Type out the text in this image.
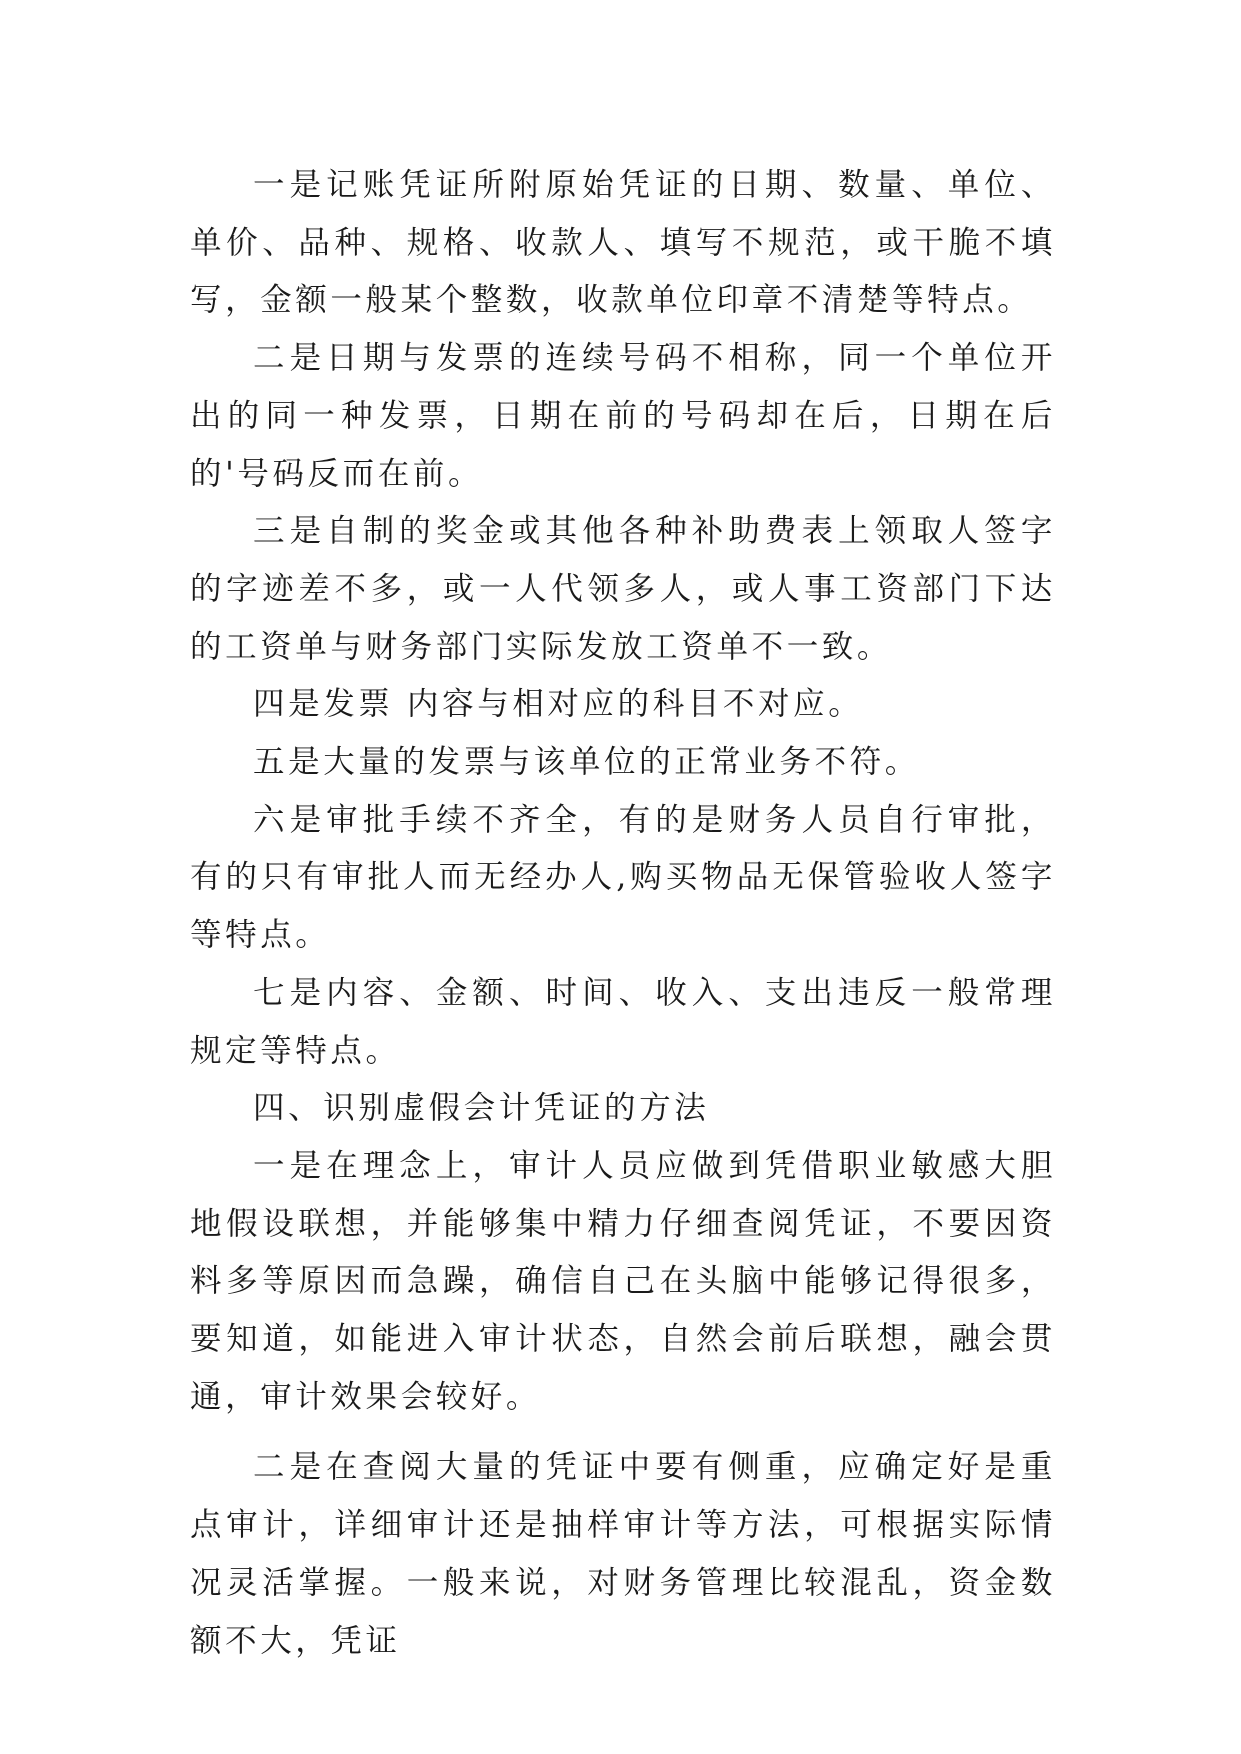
一是记账凭证所附原始凭证的日期、数量、单位、单价、品种、规格、收款人、填写不规范，或干脆不填写，金额一般某个整数，收款单位印章不清楚等特点。

二是日期与发票的连续号码不相称，同一个单位开出的同一种发票，日期在前的号码却在后，日期在后的'号码反而在前。

三是自制的奖金或其他各种补助费表上领取人签字的字迹差不多，或一人代领多人，或人事工资部门下达的工资单与财务部门实际发放工资单不一致。

四是发票 内容与相对应的科目不对应。

五是大量的发票与该单位的正常业务不符。

六是审批手续不齐全，有的是财务人员自行审批，有的只有审批人而无经办人,购买物品无保管验收人签字等特点。

七是内容、金额、时间、收入、支出违反一般常理规定等特点。

四、识别虚假会计凭证的方法

一是在理念上，审计人员应做到凭借职业敏感大胆地假设联想，并能够集中精力仔细查阅凭证，不要因资料多等原因而急躁，确信自己在头脑中能够记得很多，要知道，如能进入审计状态，自然会前后联想，融会贯通，审计效果会较好。

二是在查阅大量的凭证中要有侧重，应确定好是重点审计，详细审计还是抽样审计等方法，可根据实际情况灵活掌握。一般来说，对财务管理比较混乱，资金数额不大，凭证
